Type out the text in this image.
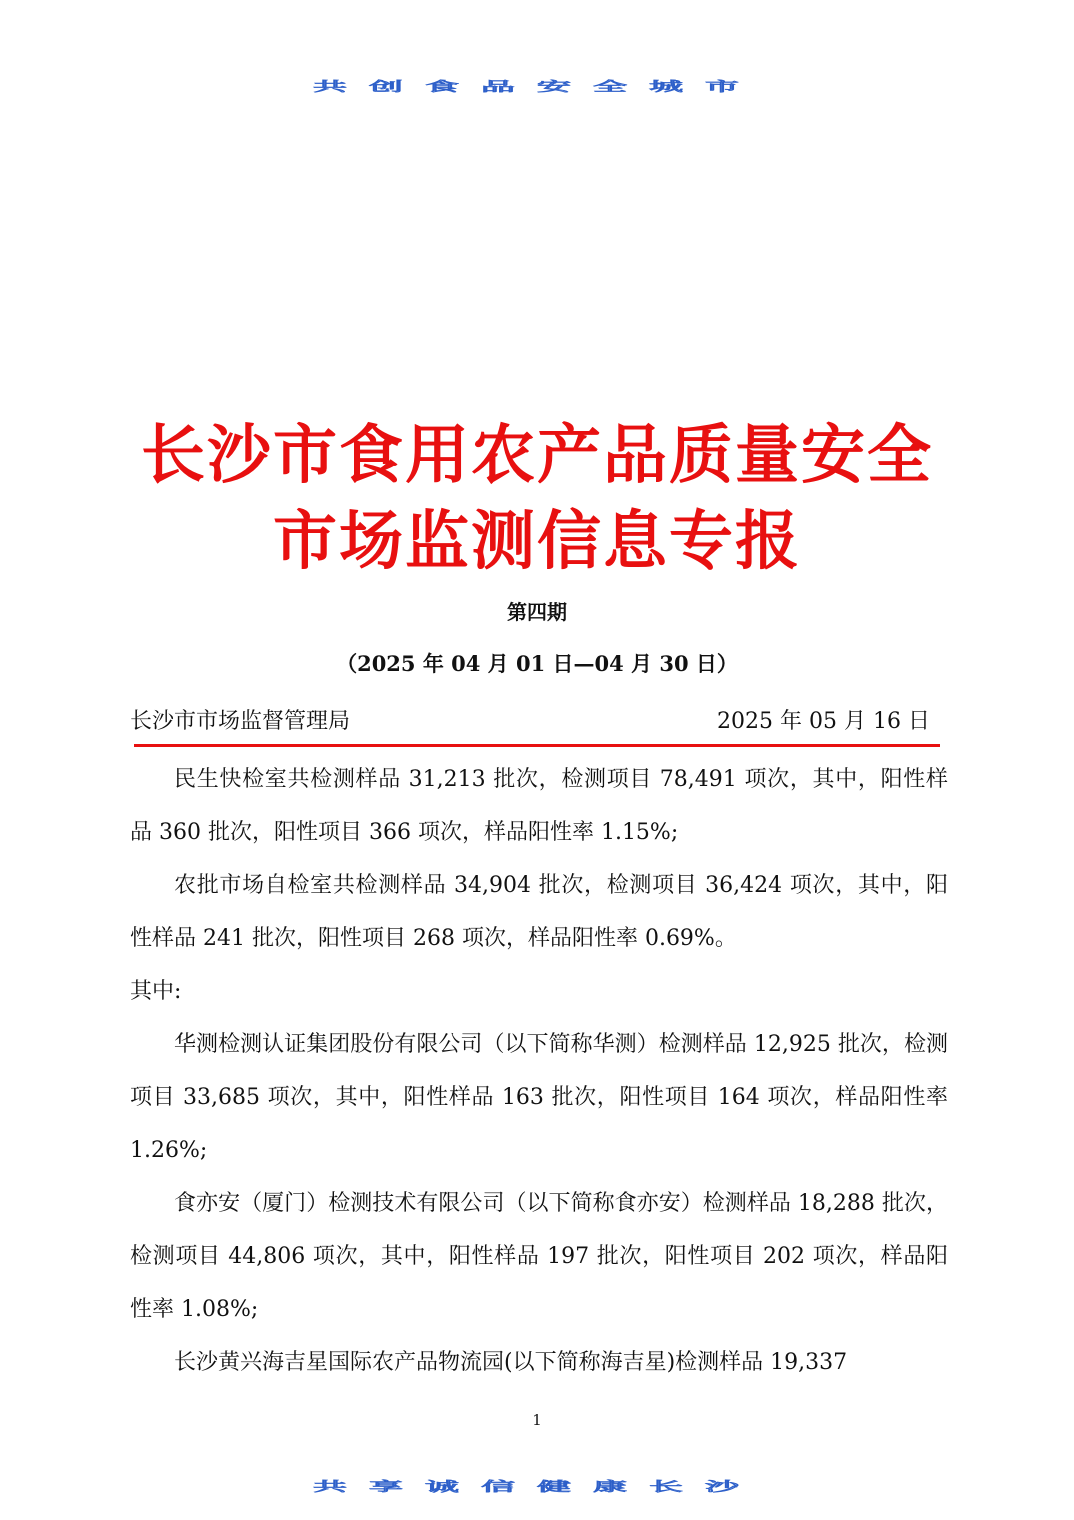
共创食品安全城市
长沙市食用农产品质量安全
市场监测信息专报
第四期
（2025 年 04 月 01 日—04 月 30 日）
长沙市市场监督管理局	2025 年 05 月 16 日

民生快检室共检测样品 31,213 批次，检测项目 78,491 项次，其中，阳性样品 360 批次，阳性项目 366 项次，样品阳性率 1.15%;

农批市场自检室共检测样品 34,904 批次，检测项目 36,424 项次，其中，阳性样品 241 批次，阳性项目 268 项次，样品阳性率 0.69%。

其中:

华测检测认证集团股份有限公司（以下简称华测）检测样品 12,925 批次，检测项目 33,685 项次，其中，阳性样品 163 批次，阳性项目 164 项次，样品阳性率 1.26%;

食亦安（厦门）检测技术有限公司（以下简称食亦安）检测样品 18,288 批次，检测项目 44,806 项次，其中，阳性样品 197 批次，阳性项目 202 项次，样品阳性率 1.08%;

长沙黄兴海吉星国际农产品物流园(以下简称海吉星)检测样品 19,337

1
共享诚信健康长沙
